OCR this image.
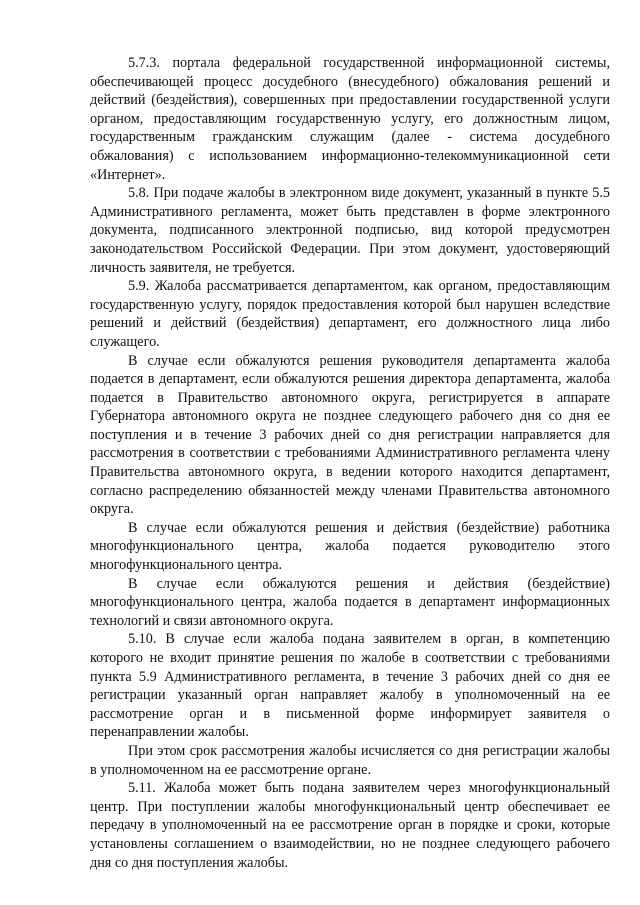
5.7.3. портала федеральной государственной информационной системы, обеспечивающей процесс досудебного (внесудебного) обжалования решений и действий (бездействия), совершенных при предоставлении государственной услуги органом, предоставляющим государственную услугу, его должностным лицом, государственным гражданским служащим (далее - система досудебного обжалования) с использованием информационно-телекоммуникационной сети «Интернет».

5.8. При подаче жалобы в электронном виде документ, указанный в пункте 5.5 Административного регламента, может быть представлен в форме электронного документа, подписанного электронной подписью, вид которой предусмотрен законодательством Российской Федерации. При этом документ, удостоверяющий личность заявителя, не требуется.

5.9. Жалоба рассматривается департаментом, как органом, предоставляющим государственную услугу, порядок предоставления которой был нарушен вследствие решений и действий (бездействия) департамент, его должностного лица либо служащего.

В случае если обжалуются решения руководителя департамента жалоба подается в департамент, если обжалуются решения директора департамента, жалоба подается в Правительство автономного округа, регистрируется в аппарате Губернатора автономного округа не позднее следующего рабочего дня со дня ее поступления и в течение 3 рабочих дней со дня регистрации направляется для рассмотрения в соответствии с требованиями Административного регламента члену Правительства автономного округа, в ведении которого находится департамент, согласно распределению обязанностей между членами Правительства автономного округа.

В случае если обжалуются решения и действия (бездействие) работника многофункционального центра, жалоба подается руководителю этого многофункционального центра.

В случае если обжалуются решения и действия (бездействие) многофункционального центра, жалоба подается в департамент информационных технологий и связи автономного округа.

5.10. В случае если жалоба подана заявителем в орган, в компетенцию которого не входит принятие решения по жалобе в соответствии с требованиями пункта 5.9 Административного регламента, в течение 3 рабочих дней со дня ее регистрации указанный орган направляет жалобу в уполномоченный на ее рассмотрение орган и в письменной форме информирует заявителя о перенаправлении жалобы.

При этом срок рассмотрения жалобы исчисляется со дня регистрации жалобы в уполномоченном на ее рассмотрение органе.

5.11. Жалоба может быть подана заявителем через многофункциональный центр. При поступлении жалобы многофункциональный центр обеспечивает ее передачу в уполномоченный на ее рассмотрение орган в порядке и сроки, которые установлены соглашением о взаимодействии, но не позднее следующего рабочего дня со дня поступления жалобы.
